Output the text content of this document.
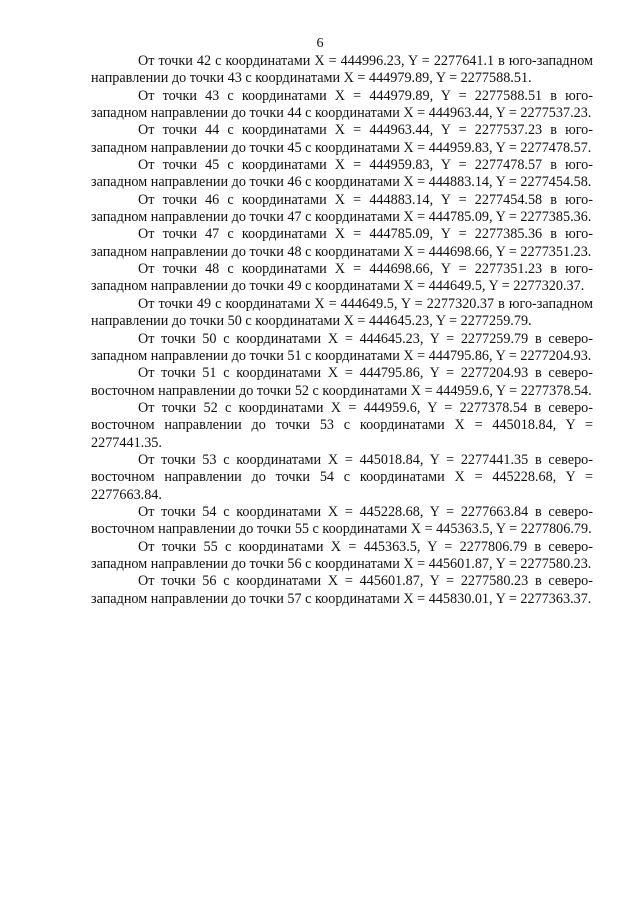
6

От точки 42 с координатами X = 444996.23, Y = 2277641.1 в юго-западном направлении до точки 43 с координатами X = 444979.89, Y = 2277588.51.

От точки 43 с координатами X = 444979.89, Y = 2277588.51 в юго-западном направлении до точки 44 с координатами X = 444963.44, Y = 2277537.23.

От точки 44 с координатами X = 444963.44, Y = 2277537.23 в юго-западном направлении до точки 45 с координатами X = 444959.83, Y = 2277478.57.

От точки 45 с координатами X = 444959.83, Y = 2277478.57 в юго-западном направлении до точки 46 с координатами X = 444883.14, Y = 2277454.58.

От точки 46 с координатами X = 444883.14, Y = 2277454.58 в юго-западном направлении до точки 47 с координатами X = 444785.09, Y = 2277385.36.

От точки 47 с координатами X = 444785.09, Y = 2277385.36 в юго-западном направлении до точки 48 с координатами X = 444698.66, Y = 2277351.23.

От точки 48 с координатами X = 444698.66, Y = 2277351.23 в юго-западном направлении до точки 49 с координатами X = 444649.5, Y = 2277320.37.

От точки 49 с координатами X = 444649.5, Y = 2277320.37 в юго-западном направлении до точки 50 с координатами X = 444645.23, Y = 2277259.79.

От точки 50 с координатами X = 444645.23, Y = 2277259.79 в северо-западном направлении до точки 51 с координатами X = 444795.86, Y = 2277204.93.

От точки 51 с координатами X = 444795.86, Y = 2277204.93 в северо-восточном направлении до точки 52 с координатами X = 444959.6, Y = 2277378.54.

От точки 52 с координатами X = 444959.6, Y = 2277378.54 в северо-восточном направлении до точки 53 с координатами X = 445018.84, Y = 2277441.35.

От точки 53 с координатами X = 445018.84, Y = 2277441.35 в северо-восточном направлении до точки 54 с координатами X = 445228.68, Y = 2277663.84.

От точки 54 с координатами X = 445228.68, Y = 2277663.84 в северо-восточном направлении до точки 55 с координатами X = 445363.5, Y = 2277806.79.

От точки 55 с координатами X = 445363.5, Y = 2277806.79 в северо-западном направлении до точки 56 с координатами X = 445601.87, Y = 2277580.23.

От точки 56 с координатами X = 445601.87, Y = 2277580.23 в северо-западном направлении до точки 57 с координатами X = 445830.01, Y = 2277363.37.
